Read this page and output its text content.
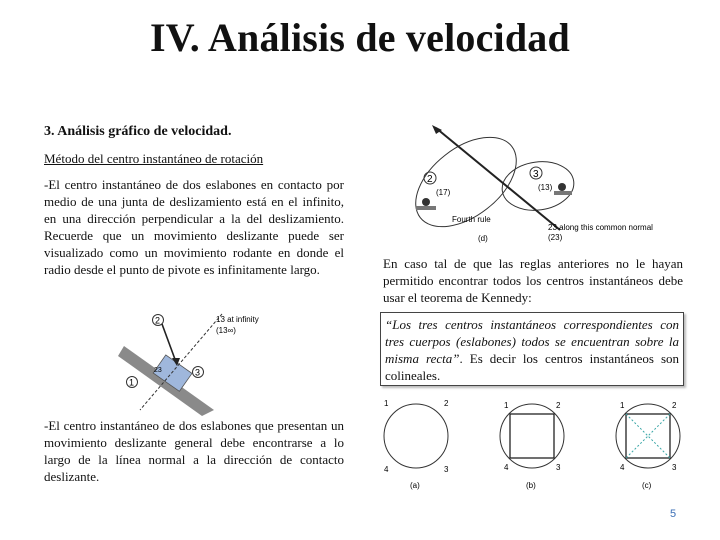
IV. Análisis de velocidad
3. Análisis gráfico de velocidad.
Método del centro instantáneo de rotación
-El centro instantáneo de dos eslabones en contacto por medio de una junta de deslizamiento está en el infinito, en una dirección perpendicular a la del deslizamiento. Recuerde que un movimiento deslizante puede ser visualizado como un movimiento rodante en donde el radio desde el punto de pivote es infinitamente largo.
-El centro instantáneo de dos eslabones que presentan un movimiento deslizante general debe encontrarse a lo largo de la línea normal a la dirección de contacto deslizante.
En caso tal de que las reglas anteriores no le hayan permitido encontrar todos los centros instantáneos debe usar el teorema de Kennedy:
“Los tres centros instantáneos correspondientes con tres cuerpos (eslabones) todos se encuentran sobre la misma recta”. Es decir los centros instantáneos son colineales.
2	3
(17)
(13)
Fourth rule
23 along this common normal
(23)
(d)
2
1
3
23
13 at infinity
(13∞)
1	2
3
4
(a)
1	2
3
4
(b)
1	2
3
4
(c)
5
